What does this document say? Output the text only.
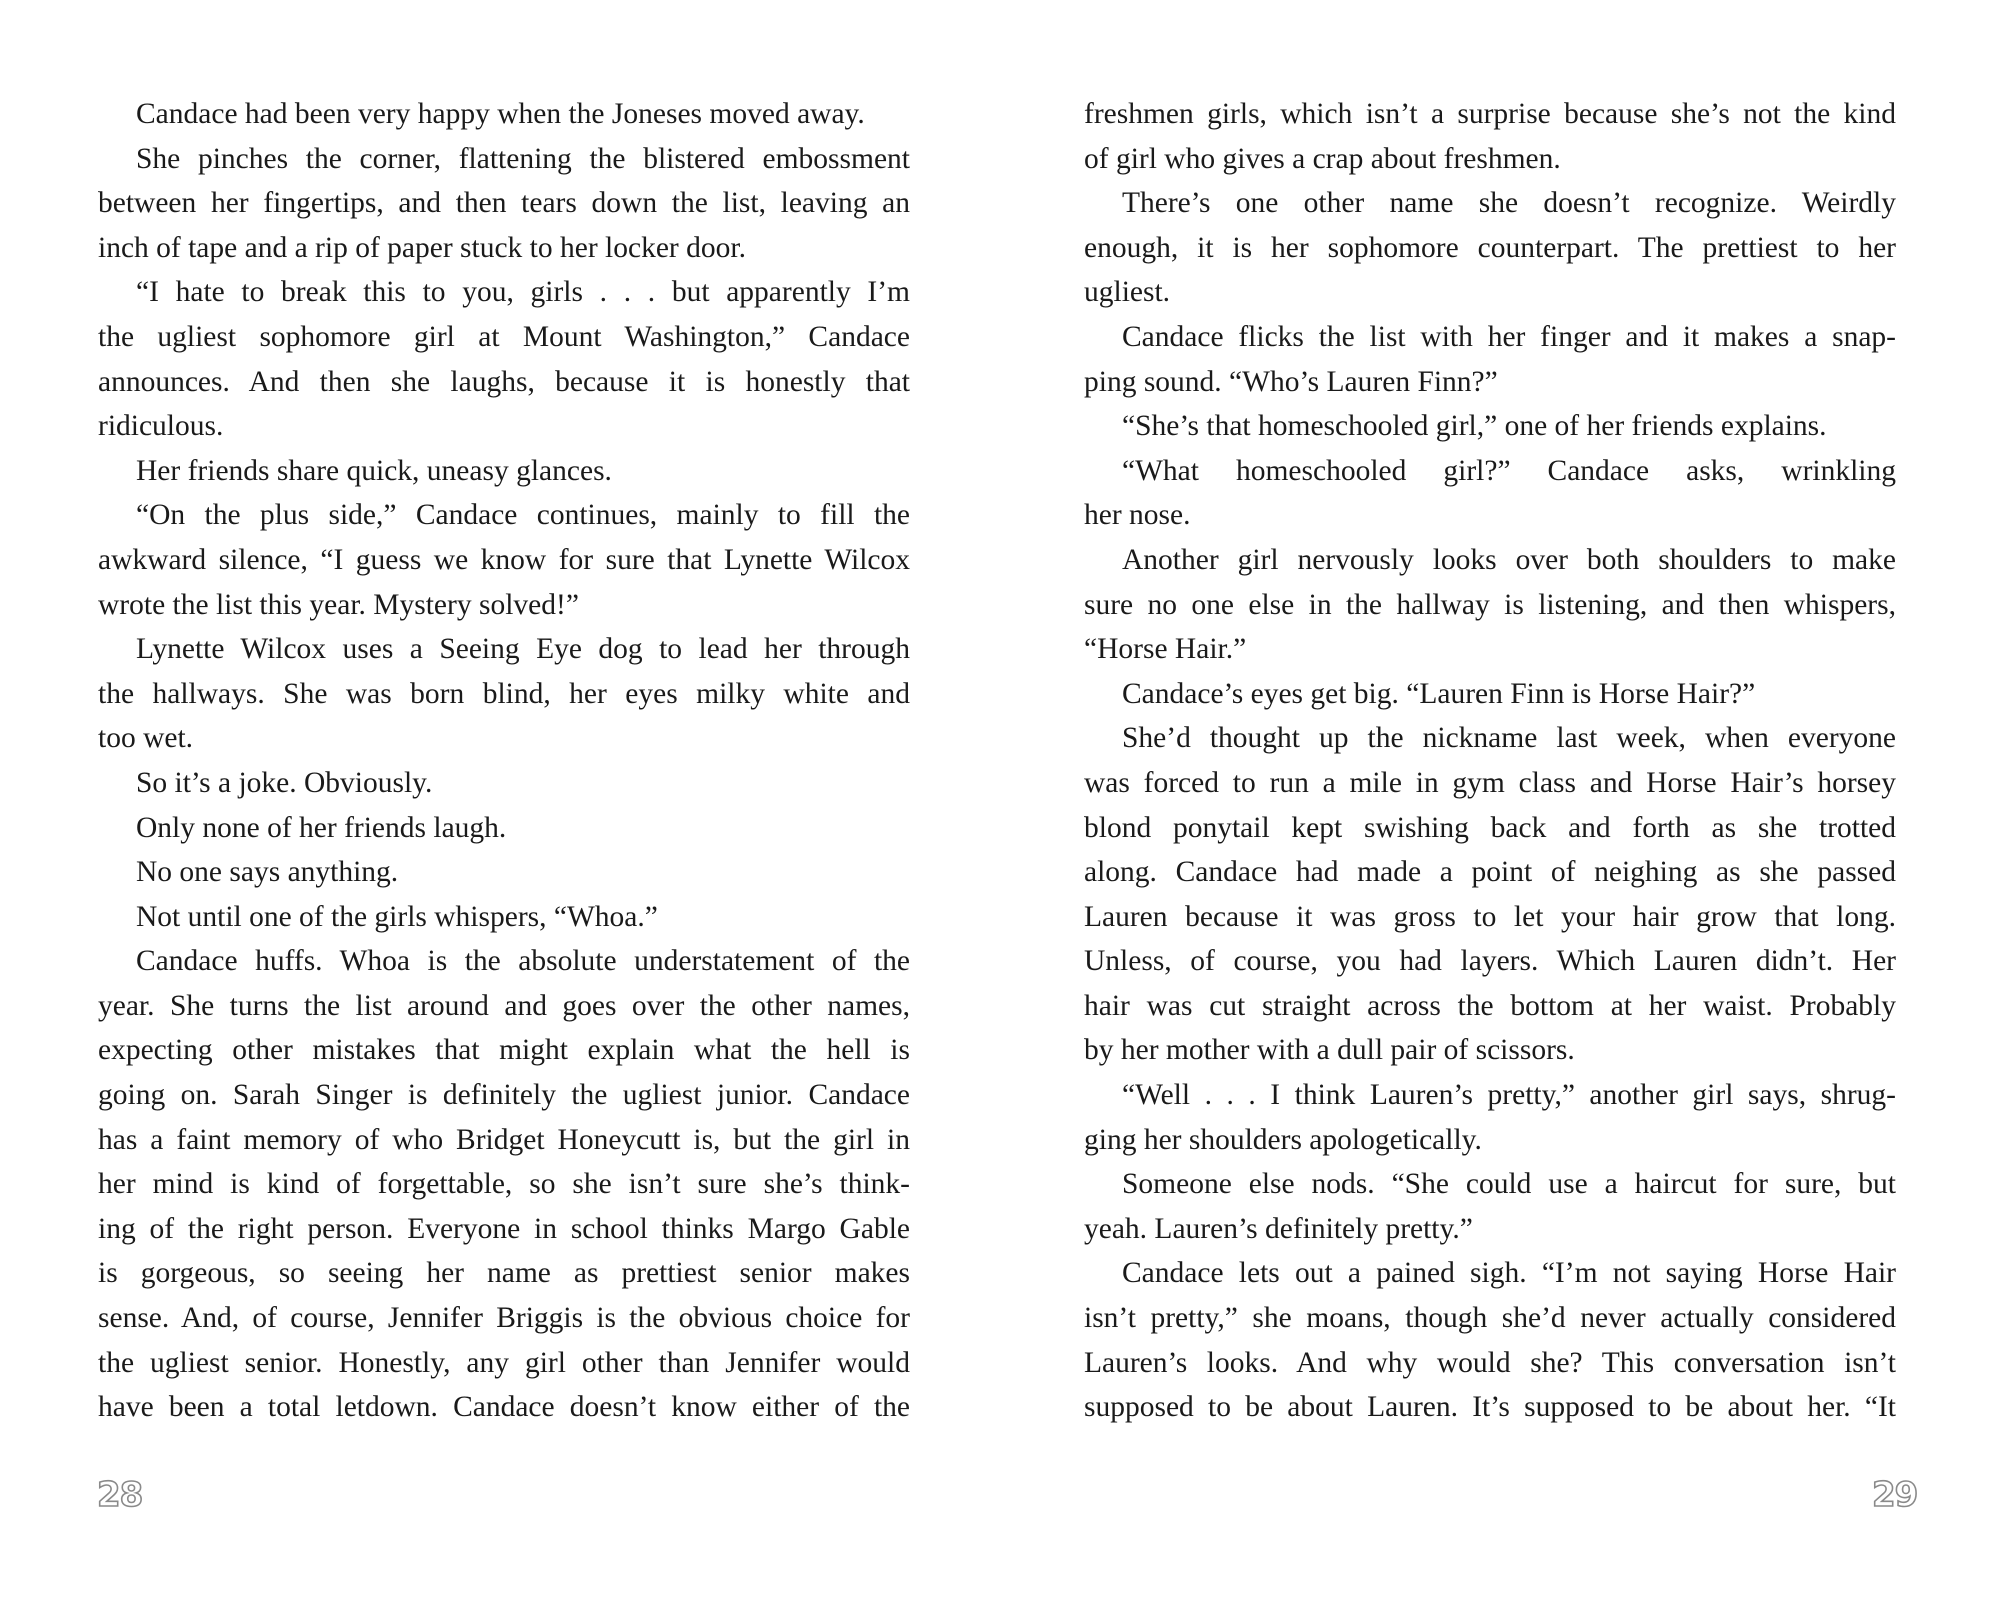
Candace had been very happy when the Joneses moved away.
She pinches the corner, flattening the blistered embossment
between her fingertips, and then tears down the list, leaving an
inch of tape and a rip of paper stuck to her locker door.
“I hate to break this to you, girls . . . but apparently I’m
the ugliest sophomore girl at Mount Washington,” Candace
announces. And then she laughs, because it is honestly that
ridiculous.
Her friends share quick, uneasy glances.
“On the plus side,” Candace continues, mainly to fill the
awkward silence, “I guess we know for sure that Lynette Wilcox
wrote the list this year. Mystery solved!”
Lynette Wilcox uses a Seeing Eye dog to lead her through
the hallways. She was born blind, her eyes milky white and
too wet.
So it’s a joke. Obviously.
Only none of her friends laugh.
No one says anything.
Not until one of the girls whispers, “Whoa.”
Candace huffs. Whoa is the absolute understatement of the
year. She turns the list around and goes over the other names,
expecting other mistakes that might explain what the hell is
going on. Sarah Singer is definitely the ugliest junior. Candace
has a faint memory of who Bridget Honeycutt is, but the girl in
her mind is kind of forgettable, so she isn’t sure she’s think-
ing of the right person. Everyone in school thinks Margo Gable
is gorgeous, so seeing her name as prettiest senior makes
sense. And, of course, Jennifer Briggis is the obvious choice for
the ugliest senior. Honestly, any girl other than Jennifer would
have been a total letdown. Candace doesn’t know either of the
28
freshmen girls, which isn’t a surprise because she’s not the kind
of girl who gives a crap about freshmen.
There’s one other name she doesn’t recognize. Weirdly
enough, it is her sophomore counterpart. The prettiest to her
ugliest.
Candace flicks the list with her finger and it makes a snap-
ping sound. “Who’s Lauren Finn?”
“She’s that homeschooled girl,” one of her friends explains.
“What homeschooled girl?” Candace asks, wrinkling
her nose.
Another girl nervously looks over both shoulders to make
sure no one else in the hallway is listening, and then whispers,
“Horse Hair.”
Candace’s eyes get big. “Lauren Finn is Horse Hair?”
She’d thought up the nickname last week, when everyone
was forced to run a mile in gym class and Horse Hair’s horsey
blond ponytail kept swishing back and forth as she trotted
along. Candace had made a point of neighing as she passed
Lauren because it was gross to let your hair grow that long.
Unless, of course, you had layers. Which Lauren didn’t. Her
hair was cut straight across the bottom at her waist. Probably
by her mother with a dull pair of scissors.
“Well . . . I think Lauren’s pretty,” another girl says, shrug-
ging her shoulders apologetically.
Someone else nods. “She could use a haircut for sure, but
yeah. Lauren’s definitely pretty.”
Candace lets out a pained sigh. “I’m not saying Horse Hair
isn’t pretty,” she moans, though she’d never actually considered
Lauren’s looks. And why would she? This conversation isn’t
supposed to be about Lauren. It’s supposed to be about her. “It
29
